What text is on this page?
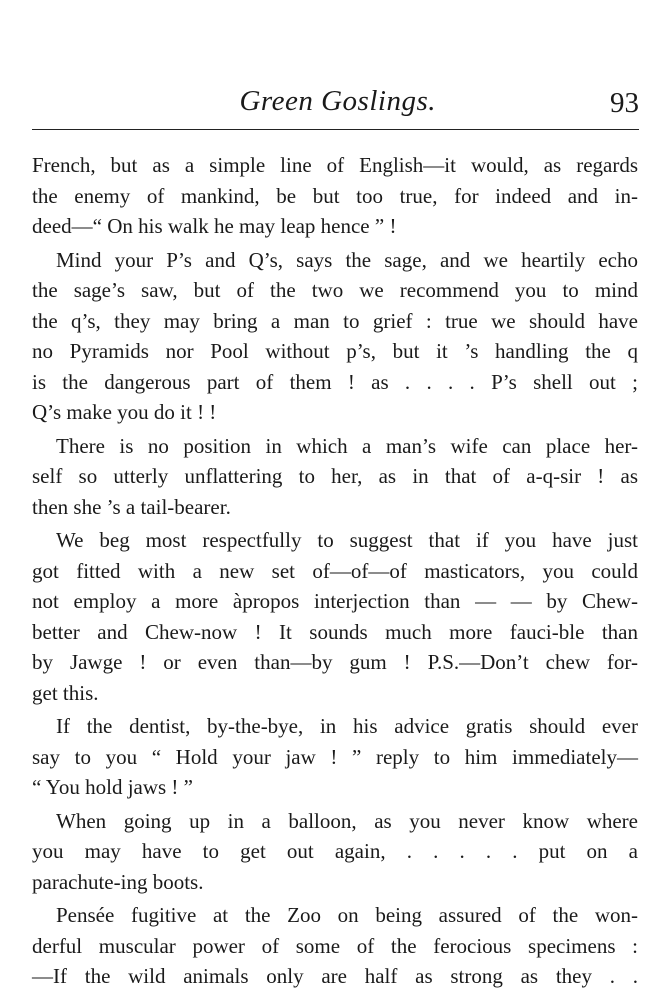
Green Goslings.	93

French, but as a simple line of English—it would, as regards
the enemy of mankind, be but too true, for indeed and in-
deed—“ On his walk he may leap hence ” !

Mind your P’s and Q’s, says the sage, and we heartily echo
the sage’s saw, but of the two we recommend you to mind
the q’s, they may bring a man to grief : true we should have
no Pyramids nor Pool without p’s, but it ’s handling the q
is the dangerous part of them ! as . . . . P’s shell out ;
Q’s make you do it ! !

There is no position in which a man’s wife can place her-
self so utterly unflattering to her, as in that of a-q-sir ! as
then she ’s a tail-bearer.

We beg most respectfully to suggest that if you have just
got fitted with a new set of—of—of masticators, you could
not employ a more àpropos interjection than — — by Chew-
better and Chew-now ! It sounds much more fauci-ble than
by Jawge ! or even than—by gum ! P.S.—Don’t chew for-
get this.

If the dentist, by-the-bye, in his advice gratis should ever
say to you “ Hold your jaw ! ” reply to him immediately—
“ You hold jaws ! ”

When going up in a balloon, as you never know where
you may have to get out again, . . . . . put on a
parachute-ing boots.

Pensée fugitive at the Zoo on being assured of the won-
derful muscular power of some of the ferocious specimens :
—If the wild animals only are half as strong as they . .
